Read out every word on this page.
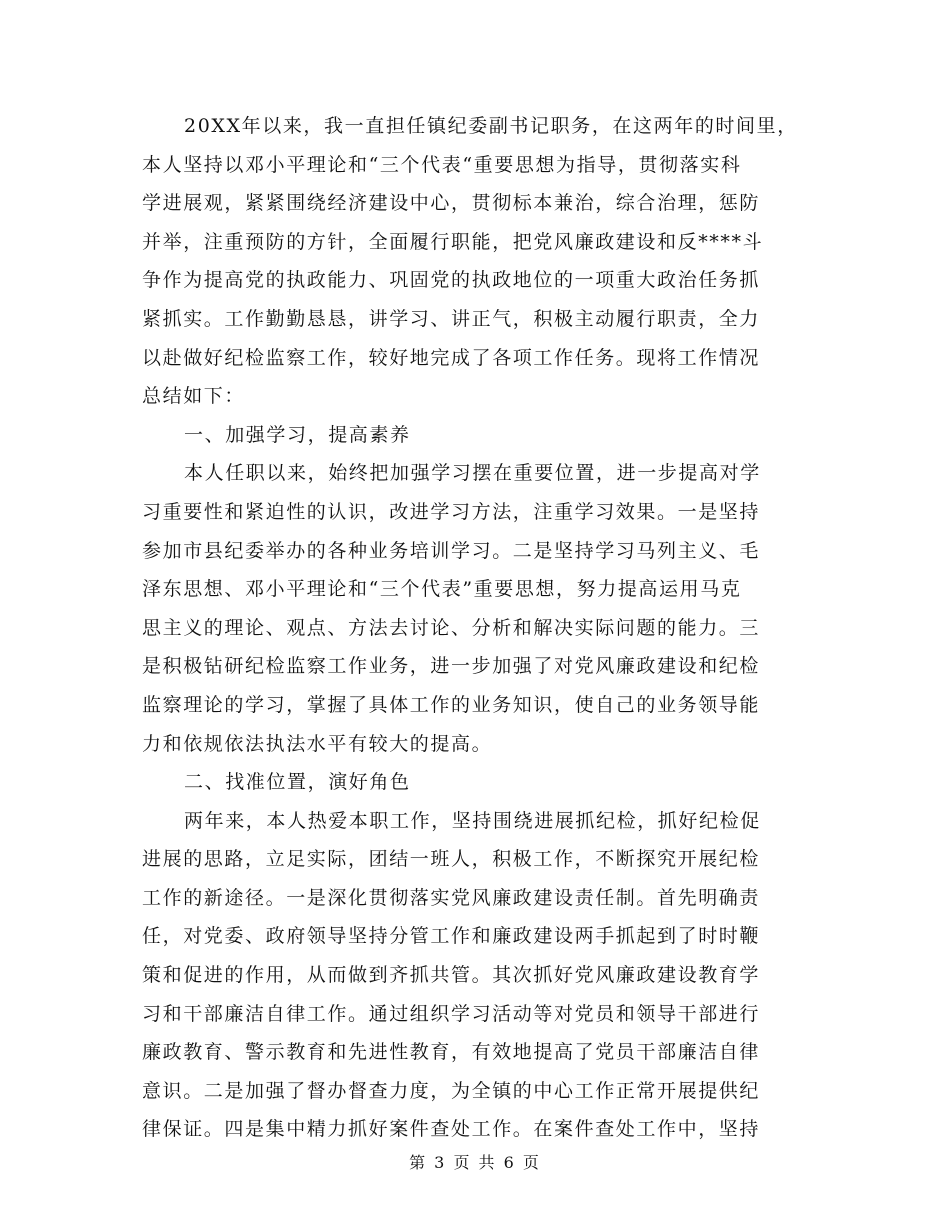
20XX年以来，我一直担任镇纪委副书记职务，在这两年的时间里，
本人坚持以邓小平理论和“三个代表“重要思想为指导，贯彻落实科
学进展观，紧紧围绕经济建设中心，贯彻标本兼治，综合治理，惩防
并举，注重预防的方针，全面履行职能，把党风廉政建设和反****斗
争作为提高党的执政能力、巩固党的执政地位的一项重大政治任务抓
紧抓实。工作勤勤恳恳，讲学习、讲正气，积极主动履行职责，全力
以赴做好纪检监察工作，较好地完成了各项工作任务。现将工作情况
总结如下：
一、加强学习，提高素养
本人任职以来，始终把加强学习摆在重要位置，进一步提高对学
习重要性和紧迫性的认识，改进学习方法，注重学习效果。一是坚持
参加市县纪委举办的各种业务培训学习。二是坚持学习马列主义、毛
泽东思想、邓小平理论和“三个代表”重要思想，努力提高运用马克
思主义的理论、观点、方法去讨论、分析和解决实际问题的能力。三
是积极钻研纪检监察工作业务，进一步加强了对党风廉政建设和纪检
监察理论的学习，掌握了具体工作的业务知识，使自己的业务领导能
力和依规依法执法水平有较大的提高。
二、找准位置，演好角色
两年来，本人热爱本职工作，坚持围绕进展抓纪检，抓好纪检促
进展的思路，立足实际，团结一班人，积极工作，不断探究开展纪检
工作的新途径。一是深化贯彻落实党风廉政建设责任制。首先明确责
任，对党委、政府领导坚持分管工作和廉政建设两手抓起到了时时鞭
策和促进的作用，从而做到齐抓共管。其次抓好党风廉政建设教育学
习和干部廉洁自律工作。通过组织学习活动等对党员和领导干部进行
廉政教育、警示教育和先进性教育，有效地提高了党员干部廉洁自律
意识。二是加强了督办督查力度，为全镇的中心工作正常开展提供纪
律保证。四是集中精力抓好案件查处工作。在案件查处工作中，坚持
第 3 页 共 6 页
